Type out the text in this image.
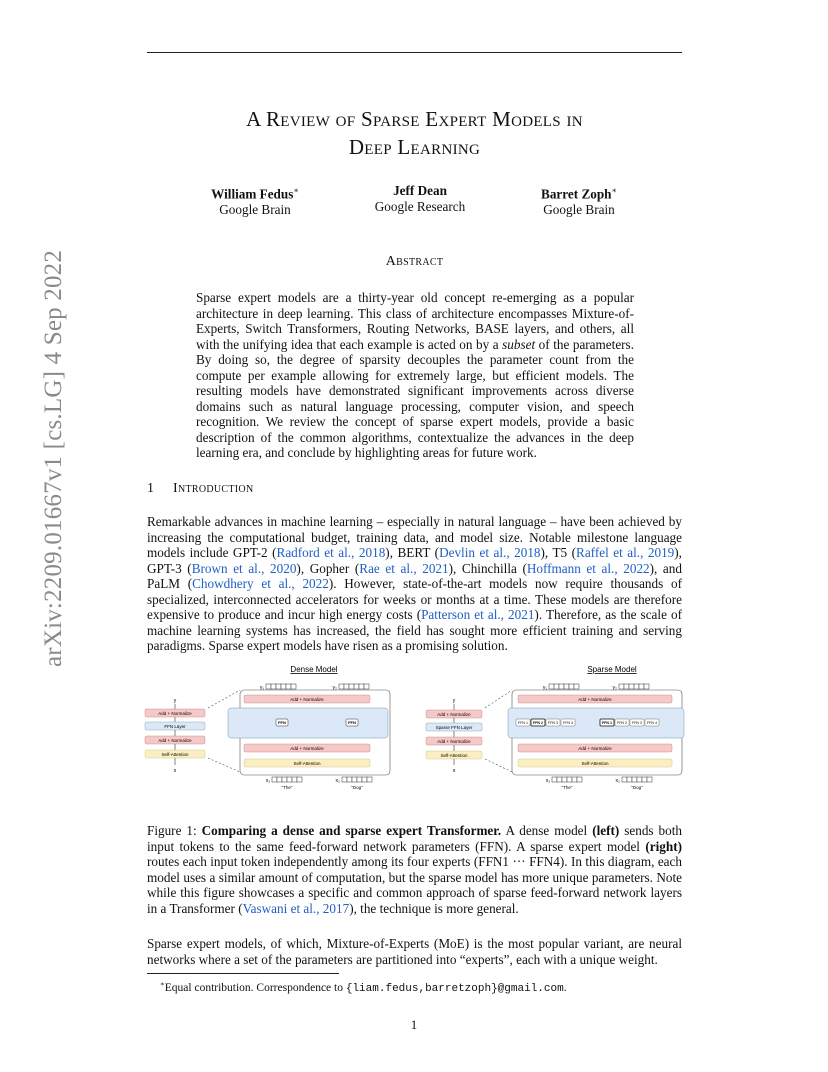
arXiv:2209.01667v1 [cs.LG] 4 Sep 2022
A Review of Sparse Expert Models in
Deep Learning
William Fedus∗
Google Brain
Jeff Dean
Google Research
Barret Zoph∗
Google Brain
Abstract
Sparse expert models are a thirty-year old concept re-emerging as a popular architecture in deep learning. This class of architecture encompasses Mixture-of-Experts, Switch Transformers, Routing Networks, BASE layers, and others, all with the unifying idea that each example is acted on by a subset of the parameters. By doing so, the degree of sparsity decouples the parameter count from the compute per example allowing for extremely large, but efficient models. The resulting models have demonstrated significant improvements across diverse domains such as natural language processing, computer vision, and speech recognition. We review the concept of sparse expert models, provide a basic description of the common algorithms, contextualize the advances in the deep learning era, and conclude by highlighting areas for future work.
1 Introduction
Remarkable advances in machine learning – especially in natural language – have been achieved by increasing the computational budget, training data, and model size. Notable milestone language models include GPT-2 (Radford et al., 2018), BERT (Devlin et al., 2018), T5 (Raffel et al., 2019), GPT-3 (Brown et al., 2020), Gopher (Rae et al., 2021), Chinchilla (Hoffmann et al., 2022), and PaLM (Chowdhery et al., 2022). However, state-of-the-art models now require thousands of specialized, interconnected accelerators for weeks or months at a time. These models are therefore expensive to produce and incur high energy costs (Patterson et al., 2021). Therefore, as the scale of machine learning systems has increased, the field has sought more efficient training and serving paradigms. Sparse expert models have risen as a promising solution.
Dense Model
y
Add + Normalize
FFN Layer
Add + Normalize
Self-Attention
x
y₁	y₂
Add + Normalize
FFN	FFN
Add + Normalize
Self-Attention
x₁
"The"
x₂
"Dog"
Sparse Model
y
Add + Normalize
Sparse FFN Layer
Add + Normalize
Self-Attention
x
y₁	y₂
Add + Normalize
FFN 1 FFN 2 FFN 3 FFN 4	FFN 1 FFN 2 FFN 3 FFN 4
Add + Normalize
Self-Attention
x₁
"The"
x₂
"Dog"
Figure 1: Comparing a dense and sparse expert Transformer. A dense model (left) sends both input tokens to the same feed-forward network parameters (FFN). A sparse expert model (right) routes each input token independently among its four experts (FFN1 ··· FFN4). In this diagram, each model uses a similar amount of computation, but the sparse model has more unique parameters. Note while this figure showcases a specific and common approach of sparse feed-forward network layers in a Transformer (Vaswani et al., 2017), the technique is more general.
Sparse expert models, of which, Mixture-of-Experts (MoE) is the most popular variant, are neural networks where a set of the parameters are partitioned into “experts”, each with a unique weight.
∗Equal contribution. Correspondence to {liam.fedus,barretzoph}@gmail.com.
1
